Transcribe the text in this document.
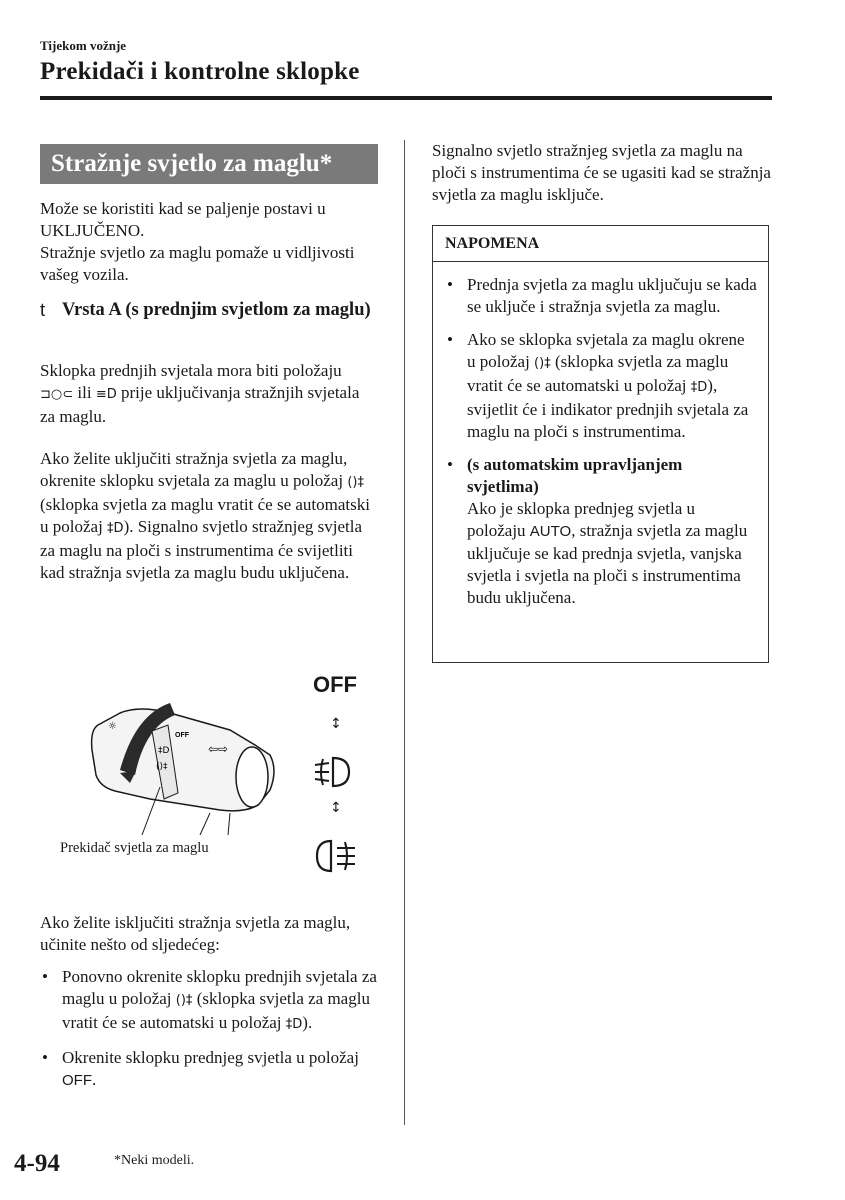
Tijekom vožnje
Prekidači i kontrolne sklopke
Stražnje svjetlo za maglu*
Može se koristiti kad se paljenje postavi u UKLJUČENO.
Stražnje svjetlo za maglu pomaže u vidljivosti vašeg vozila.
t Vrsta A (s prednjim svjetlom za maglu)
Sklopka prednjih svjetala mora biti položaju ⊐○⊂ ili ≡D prije uključivanja stražnjih svjetala za maglu.
Ako želite uključiti stražnja svjetla za maglu, okrenite sklopku svjetala za maglu u položaj ()‡ (sklopka svjetla za maglu vratit će se automatski u položaj ‡D). Signalno svjetlo stražnjeg svjetla za maglu na ploči s instrumentima će svijetliti kad stražnja svjetla za maglu budu uključena.
OFF
‡D
()‡
⇦⇨
☼
OFF
↕
↕
Prekidač svjetla za maglu
Ako želite isključiti stražnja svjetla za maglu, učinite nešto od sljedećeg:
• Ponovno okrenite sklopku prednjih svjetala za maglu u položaj ()‡ (sklopka svjetla za maglu vratit će se automatski u položaj ‡D).
• Okrenite sklopku prednjeg svjetla u položaj OFF.
Signalno svjetlo stražnjeg svjetla za maglu na ploči s instrumentima će se ugasiti kad se stražnja svjetla za maglu isključe.
NAPOMENA
• Prednja svjetla za maglu uključuju se kada se uključe i stražnja svjetla za maglu.
• Ako se sklopka svjetala za maglu okrene u položaj ()‡ (sklopka svjetla za maglu vratit će se automatski u položaj ‡D), svijetlit će i indikator prednjih svjetala za maglu na ploči s instrumentima.
• (s automatskim upravljanjem svjetlima)
Ako je sklopka prednjeg svjetla u položaju AUTO, stražnja svjetla za maglu uključuje se kad prednja svjetla, vanjska svjetla i svjetla na ploči s instrumentima budu uključena.
4-94	*Neki modeli.
